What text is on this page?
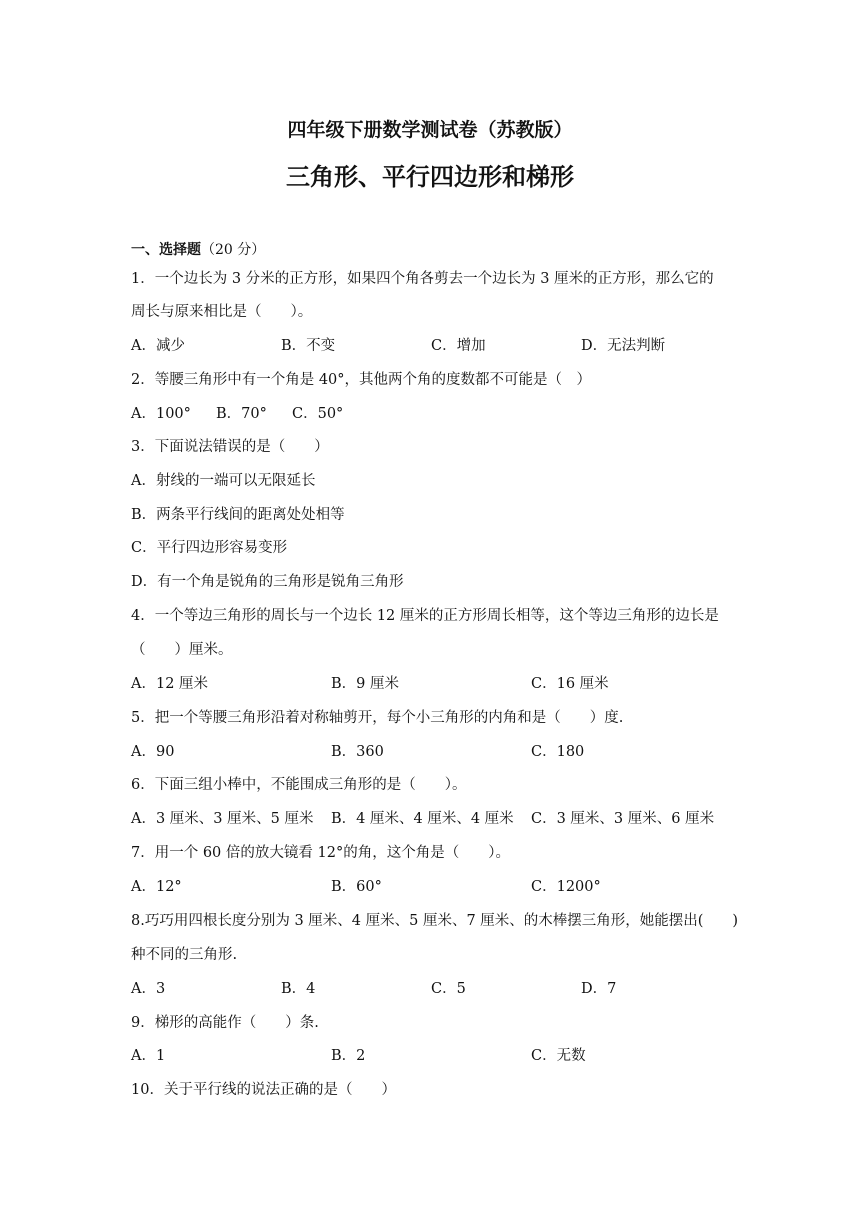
四年级下册数学测试卷（苏教版）
三角形、平行四边形和梯形
一、选择题（20 分）
1．一个边长为 3 分米的正方形，如果四个角各剪去一个边长为 3 厘米的正方形，那么它的
周长与原来相比是（　　）。
A．减少	B．不变	C．增加	D．无法判断
2．等腰三角形中有一个角是 40°，其他两个角的度数都不可能是（　）
A．100° B．70° C．50°
3．下面说法错误的是（　　）
A．射线的一端可以无限延长
B．两条平行线间的距离处处相等
C．平行四边形容易变形
D．有一个角是锐角的三角形是锐角三角形
4．一个等边三角形的周长与一个边长 12 厘米的正方形周长相等，这个等边三角形的边长是
（　　）厘米。
A．12 厘米	B．9 厘米	C．16 厘米
5．把一个等腰三角形沿着对称轴剪开，每个小三角形的内角和是（　　）度.
A．90	B．360	C．180
6．下面三组小棒中，不能围成三角形的是（　　）。
A．3 厘米、3 厘米、5 厘米 B．4 厘米、4 厘米、4 厘米 C．3 厘米、3 厘米、6 厘米
7．用一个 60 倍的放大镜看 12°的角，这个角是（　　）。
A．12°	B．60°	C．1200°
8.巧巧用四根长度分别为 3 厘米、4 厘米、5 厘米、7 厘米、的木棒摆三角形，她能摆出(　　)
种不同的三角形.
A．3	B．4	C．5	D．7
9．梯形的高能作（　　）条.
A．1	B．2	C．无数
10．关于平行线的说法正确的是（　　）
